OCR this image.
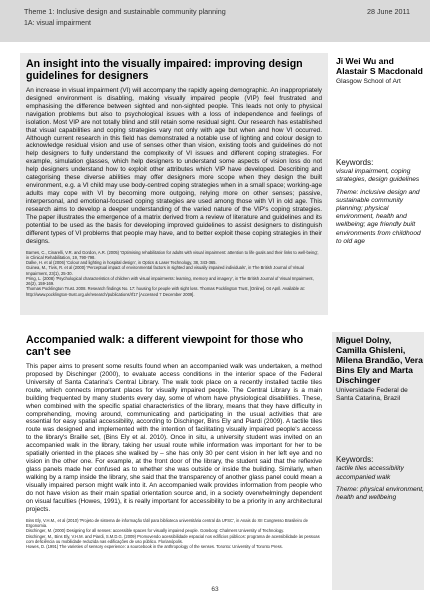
Theme 1: Inclusive design and sustainable community planning	28 June 2011
1A: visual impairment
An insight into the visually impaired: improving design guidelines for designers
An increase in visual impairment (VI) will accompany the rapidly ageing demographic. An inappropriately designed environment is disabling, making visually impaired people (VIP) feel frustrated and emphasising the difference between sighted and non-sighted people. This leads not only to physical navigation problems but also to psychological issues with a loss of independence and feelings of isolation. Most VIP are not totally blind and still retain some residual sight. Our research has established that visual capabilities and coping strategies vary not only with age but when and how VI occurred. Although current research in this field has demonstrated a notable use of lighting and colour design to acknowledge residual vision and use of senses other than vision, existing tools and guidelines do not help designers to fully understand the complexity of VI issues and different coping strategies. For example, simulation glasses, which help designers to understand some aspects of vision loss do not help designers understand how to exploit other attributes which VIP have developed. Describing and categorising these diverse abilities may offer designers more scope when they design the built environment, e.g. a VI child may use body-centred coping strategies when in a small space; working-age adults may cope with VI by becoming more outgoing, relying more on other senses; passive, interpersonal, and emotional-focused coping strategies are used among those with VI in old age. This research aims to develop a deeper understanding of the varied nature of the VIP's coping strategies. The paper illustrates the emergence of a matrix derived from a review of literature and guidelines and its potential to be used as the basis for developing improved guidelines to assist designers to distinguish different types of VI problems that people may have, and to better exploit these coping strategies in their designs.
Barnes, C., Cinarelli, V.R. and Gordon, A.R. (2005) 'Optimising rehabilitation for adults with visual impairment: attention to life goals and their links to well-being', in Clinical Rehabilitation, 19, 790-798.
Dalke, H. et al (2006) 'Colour and lighting in hospital design', in Optics & Laser Technology, 38, 343-365.
Guinea, M., Tivis, R. et al (2000) 'Perceptual impact of environmental factors in sighted and visually impaired individuals', in The British Journal of Visual Impairment, 23(1), 25-30.
Pring, L. (2008) 'Psychological characteristics of children with visual impairments: learning, memory and imagery', in The British Journal of Visual Impairment, 26(2), 159-169.
Thomas Pocklington Trust. 2008. Research findings No. 17: housing for people with sight loss. Thomas Pocklington Trust, [Online]. 04 April. Available at: http://www.pocklington-trust.org.uk/research/publications/rf17 [Accessed 7 December 2009].
Ji Wei Wu and Alastair S Macdonald
Glasgow School of Art
Keywords:
visual impairment, coping strategies, design guidelines
Theme: inclusive design and sustainable community planning; physical environment, health and wellbeing; age friendly built environments from childhood to old age
Accompanied walk: a different viewpoint for those who can't see
This paper aims to present some results found when an accompanied walk was undertaken, a method proposed by Dischinger (2000), to evaluate access conditions in the interior space of the Federal University of Santa Catarina's Central Library. The walk took place on a recently installed tactile tiles route, which connects important places for visually impaired people. The Central Library is a main building frequented by many students every day, some of whom have physiological disabilities. These, when combined with the specific spatial characteristics of the library, means that they have difficulty in comprehending, moving around, communicating and participating in the usual activities that are essential for easy spatial accessibility, according to Dischinger, Bins Ely and Piardi (2009). A tactile tiles route was designed and implemented with the intention of facilitating visually impaired people's access to the library's Braille set, (Bins Ely et al. 2010). Once in situ, a university student was invited on an accompanied walk in the library, taking her usual route while information was important for her to be spatially oriented in the places she walked by – she has only 30 per cent vision in her left eye and no vision in the other one. For example, at the front door of the library, the student said that the reflexive glass panels made her confused as to whether she was outside or inside the building. Similarly, when walking by a ramp inside the library, she said that the transparency of another glass panel could mean a visually impaired person might walk into it. An accompanied walk provides information from people who do not have vision as their main spatial orientation source and, in a society overwhelmingly dependent on visual faculties (Howes, 1991), it is really important for accessibility to be a priority in any architectural projects.
Bins Ely, V.H.M., et al (2010) 'Projeto de sistema de informação tátil para biblioteca universitária central da UFSC', in Anais do XII Congresso Brasileiro de Ergonomia.
Dischinger, M. (2000) Designing for all senses: accessible spaces for visually impaired people. Goteborg: Chalmers University of Technology.
Dischinger, M., Bins Ely, V.H.M. and Piardi, S.M.D.G. (2009) Promovendo acessibilidade espacial nos edifícios públicos: programa de acessibilidade às pessoas com deficiência ou mobilidade reduzida nas edificações de uso público. Florianópolis.
Howes, D. (1991) The varieties of sensory experience: a sourcebook in the anthropology of the senses. Toronto: University of Toronto Press.
Miguel Dolny, Camilla Ghisleni, Milena Brandão, Vera Bins Ely and Marta Dischinger
Universidade Federal de Santa Catarina, Brazil
Keywords:
tactile tiles accessibility accompanied walk
Theme: physical environment, health and wellbeing
63
